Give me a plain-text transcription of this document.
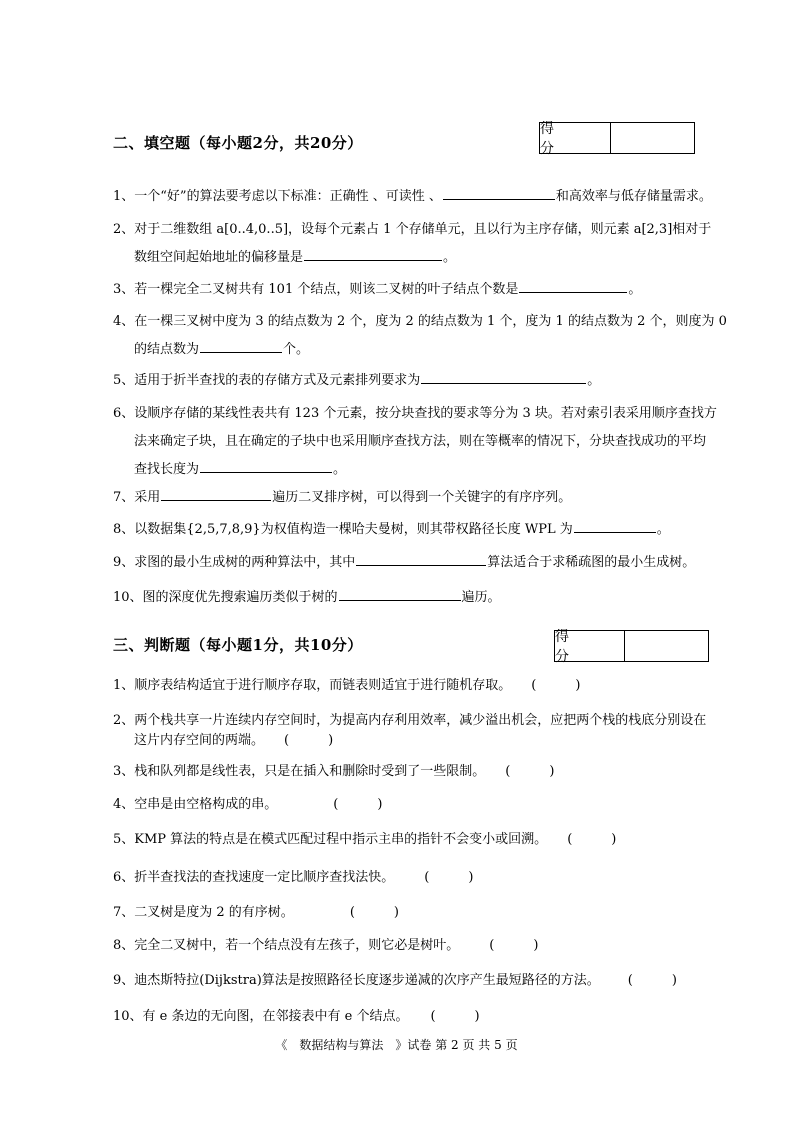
二、填空题（每小题2分，共20分）
得　分
1、一个“好”的算法要考虑以下标准：正确性 、可读性 、	和高效率与低存储量需求。
2、对于二维数组 a[0..4,0..5]，设每个元素占 1 个存储单元，且以行为主序存储，则元素 a[2,3]相对于
数组空间起始地址的偏移量是	。
3、若一棵完全二叉树共有 101 个结点，则该二叉树的叶子结点个数是	。
4、在一棵三叉树中度为 3 的结点数为 2 个，度为 2 的结点数为 1 个，度为 1 的结点数为 2 个，则度为 0
的结点数为	个。
5、适用于折半查找的表的存储方式及元素排列要求为	。
6、设顺序存储的某线性表共有 123 个元素，按分块查找的要求等分为 3 块。若对索引表采用顺序查找方
法来确定子块，且在确定的子块中也采用顺序查找方法，则在等概率的情况下，分块查找成功的平均
查找长度为	。
7、采用	遍历二叉排序树，可以得到一个关键字的有序序列。
8、以数据集{2,5,7,8,9}为权值构造一棵哈夫曼树，则其带权路径长度 WPL 为	。
9、求图的最小生成树的两种算法中，其中	算法适合于求稀疏图的最小生成树。
10、图的深度优先搜索遍历类似于树的	遍历。
三、判断题（每小题1分，共10分）	得　分
1、顺序表结构适宜于进行顺序存取，而链表则适宜于进行随机存取。 (　　　)
2、两个栈共享一片连续内存空间时，为提高内存利用效率，减少溢出机会，应把两个栈的栈底分别设在
这片内存空间的两端。 (　　　)
3、栈和队列都是线性表，只是在插入和删除时受到了一些限制。 (　　　)
4、空串是由空格构成的串。	(　　　)
5、KMP 算法的特点是在模式匹配过程中指示主串的指针不会变小或回溯。 (　　　)
6、折半查找法的查找速度一定比顺序查找法快。 (　　　)
7、二叉树是度为 2 的有序树。	(　　　)
8、完全二叉树中，若一个结点没有左孩子，则它必是树叶。 (　　　)
9、迪杰斯特拉(Dijkstra)算法是按照路径长度逐步递减的次序产生最短路径的方法。 (　　　)
10、有 e 条边的无向图，在邻接表中有 e 个结点。 (　　　)
《　数据结构与算法　》试卷 第 2 页 共 5 页
